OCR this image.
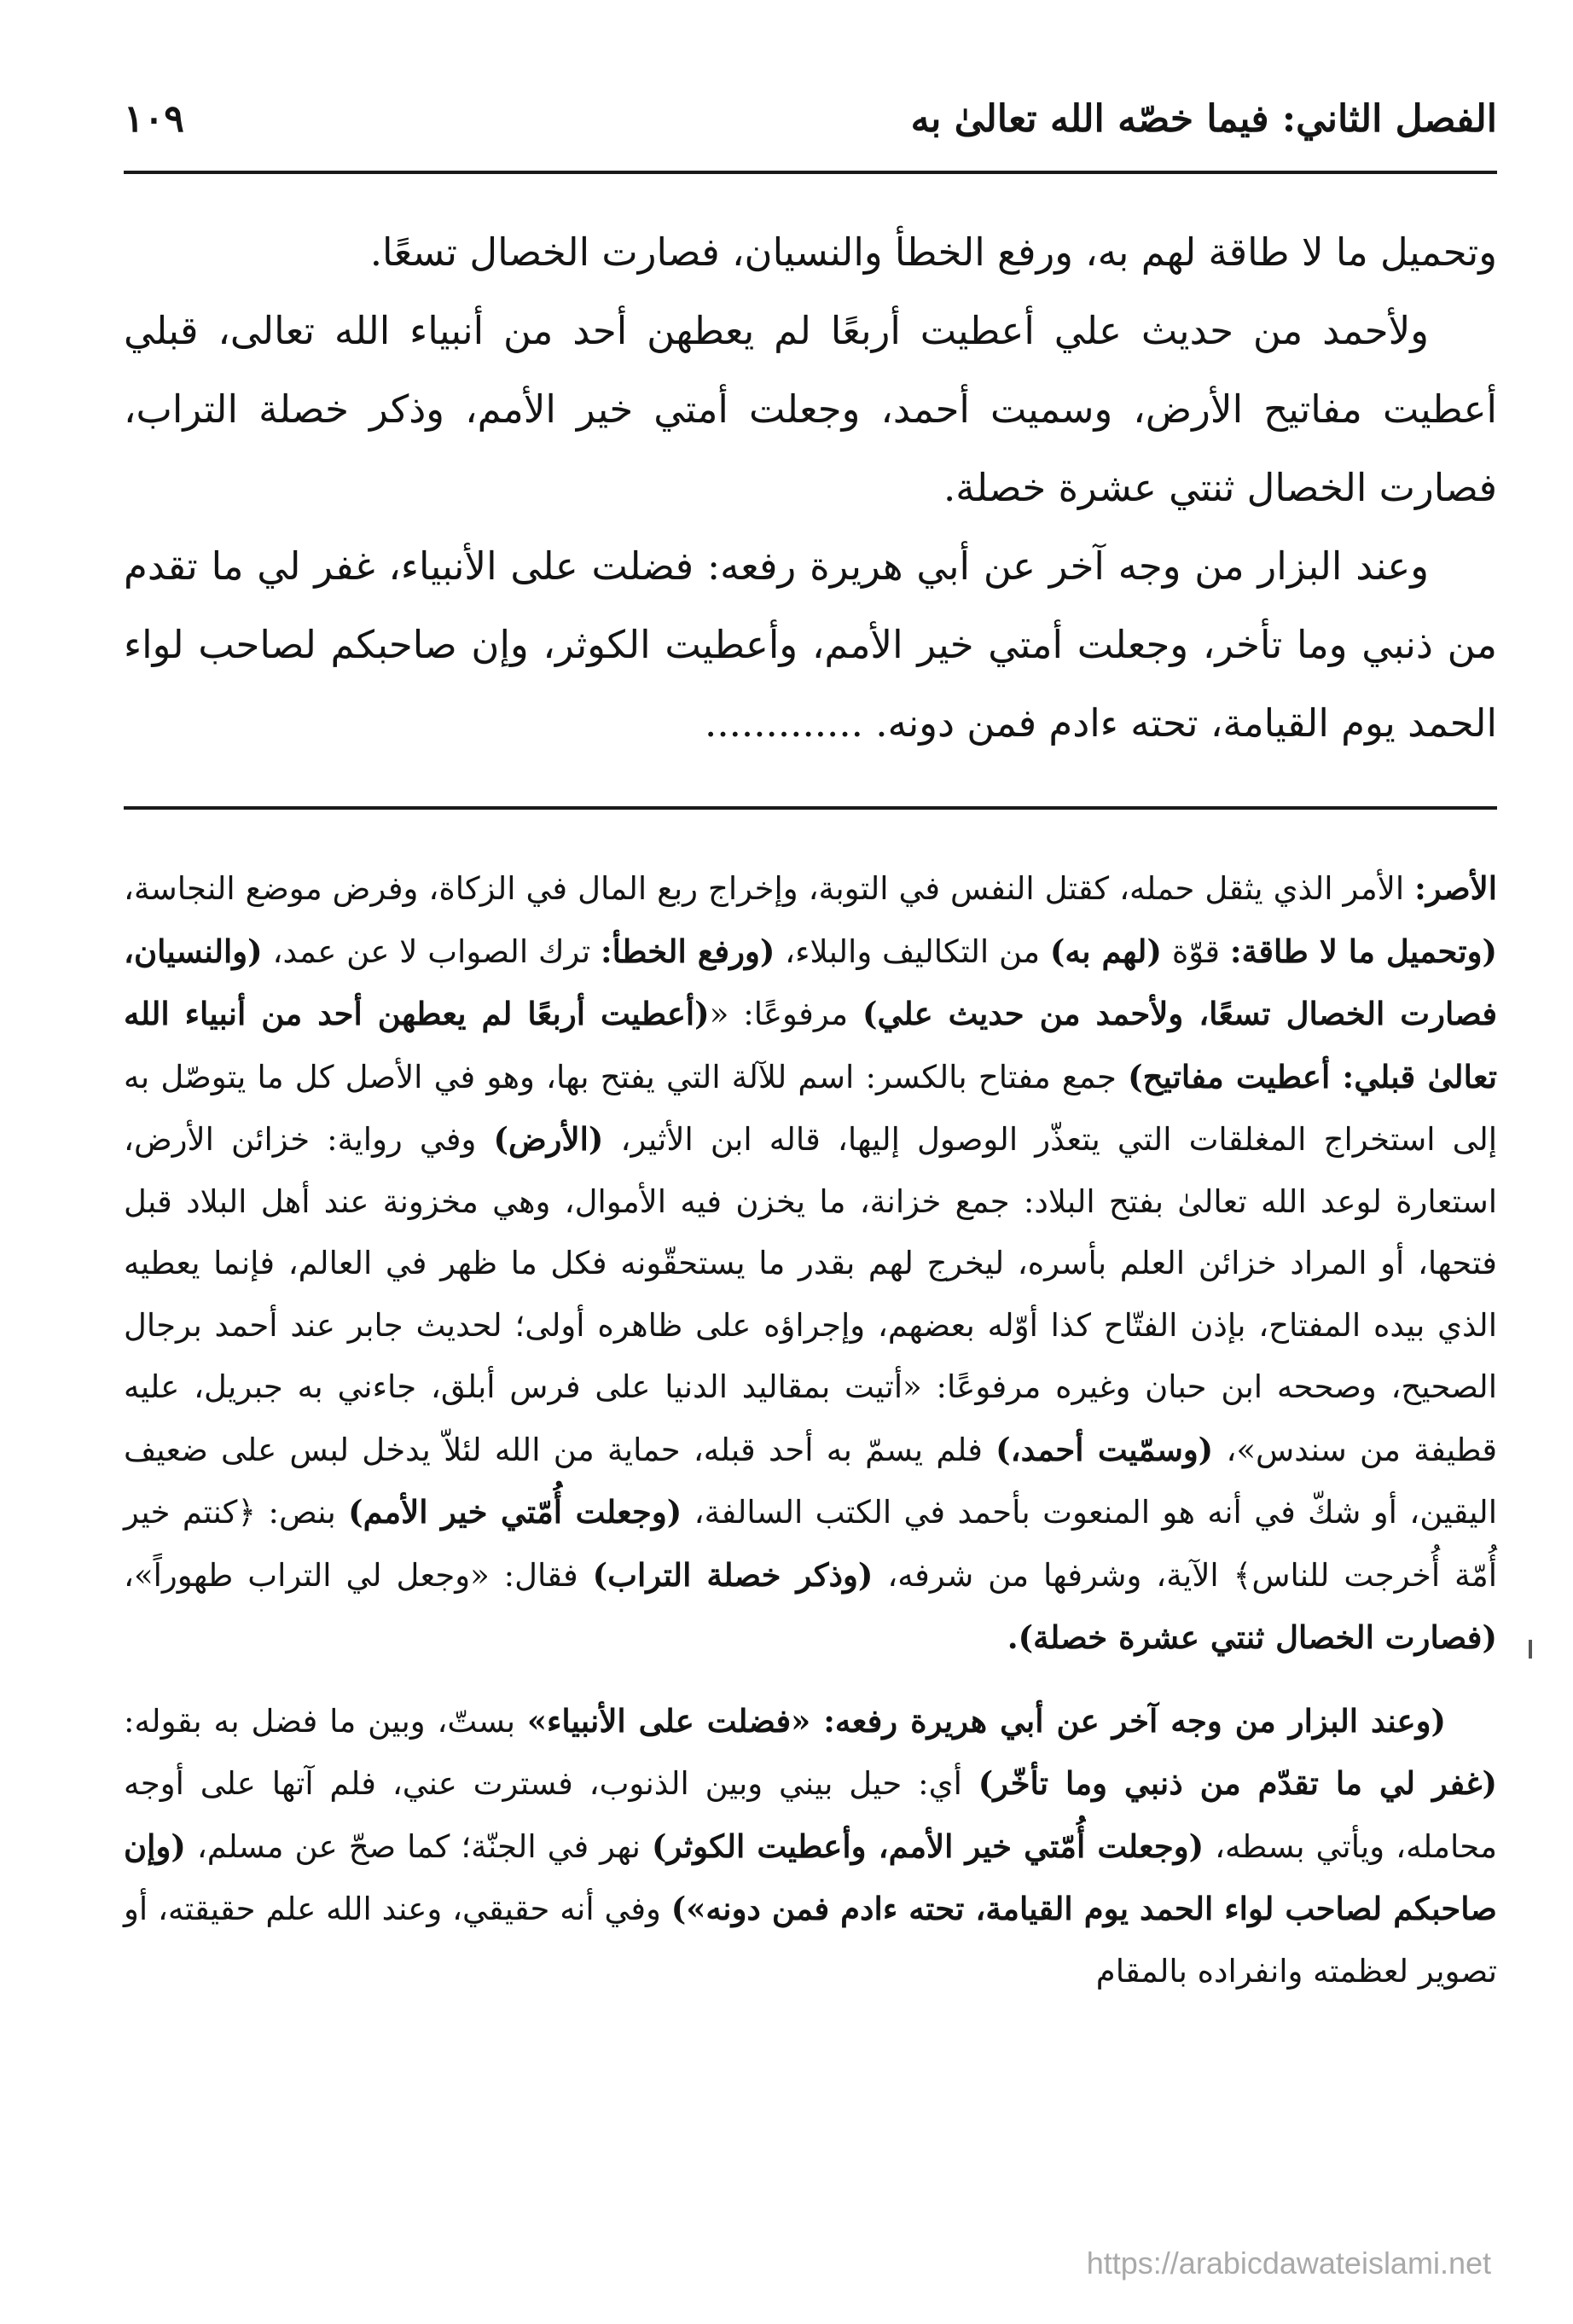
الفصل الثاني: فيما خصّه الله تعالىٰ به
١٠٩

وتحميل ما لا طاقة لهم به، ورفع الخطأ والنسيان، فصارت الخصال تسعًا.

ولأحمد من حديث علي أعطيت أربعًا لم يعطهن أحد من أنبياء الله تعالى، قبلي أعطيت مفاتيح الأرض، وسميت أحمد، وجعلت أمتي خير الأمم، وذكر خصلة التراب، فصارت الخصال ثنتي عشرة خصلة.

وعند البزار من وجه آخر عن أبي هريرة رفعه: فضلت على الأنبياء، غفر لي ما تقدم من ذنبي وما تأخر، وجعلت أمتي خير الأمم، وأعطيت الكوثر، وإن صاحبكم لصاحب لواء الحمد يوم القيامة، تحته ءادم فمن دونه. .............

الأصر: الأمر الذي يثقل حمله، كقتل النفس في التوبة، وإخراج ربع المال في الزكاة، وفرض موضع النجاسة، (وتحميل ما لا طاقة: قوّة (لهم به) من التكاليف والبلاء، (ورفع الخطأ: ترك الصواب لا عن عمد، (والنسيان، فصارت الخصال تسعًا، ولأحمد من حديث علي) مرفوعًا: «(أعطيت أربعًا لم يعطهن أحد من أنبياء الله تعالىٰ قبلي: أعطيت مفاتيح) جمع مفتاح بالكسر: اسم للآلة التي يفتح بها، وهو في الأصل كل ما يتوصّل به إلى استخراج المغلقات التي يتعذّر الوصول إليها، قاله ابن الأثير، (الأرض) وفي رواية: خزائن الأرض، استعارة لوعد الله تعالىٰ بفتح البلاد: جمع خزانة، ما يخزن فيه الأموال، وهي مخزونة عند أهل البلاد قبل فتحها، أو المراد خزائن العلم بأسره، ليخرج لهم بقدر ما يستحقّونه فكل ما ظهر في العالم، فإنما يعطيه الذي بيده المفتاح، بإذن الفتّاح كذا أوّله بعضهم، وإجراؤه على ظاهره أولى؛ لحديث جابر عند أحمد برجال الصحيح، وصححه ابن حبان وغيره مرفوعًا: «أتيت بمقاليد الدنيا على فرس أبلق، جاءني به جبريل، عليه قطيفة من سندس»، (وسمّيت أحمد،) فلم يسمّ به أحد قبله، حماية من الله لئلاّ يدخل لبس على ضعيف اليقين، أو شكّ في أنه هو المنعوت بأحمد في الكتب السالفة، (وجعلت أُمّتي خير الأمم) بنص: ﴿كنتم خير أُمّة أُخرجت للناس﴾ الآية، وشرفها من شرفه، (وذكر خصلة التراب) فقال: «وجعل لي التراب طهوراً»، (فصارت الخصال ثنتي عشرة خصلة).

(وعند البزار من وجه آخر عن أبي هريرة رفعه: «فضلت على الأنبياء» بستّ، وبين ما فضل به بقوله: (غفر لي ما تقدّم من ذنبي وما تأخّر) أي: حيل بيني وبين الذنوب، فسترت عني، فلم آتها على أوجه محامله، ويأتي بسطه، (وجعلت أُمّتي خير الأمم، وأعطيت الكوثر) نهر في الجنّة؛ كما صحّ عن مسلم، (وإن صاحبكم لصاحب لواء الحمد يوم القيامة، تحته ءادم فمن دونه») وفي أنه حقيقي، وعند الله علم حقيقته، أو تصوير لعظمته وانفراده بالمقام

https://arabicdawateislami.net
